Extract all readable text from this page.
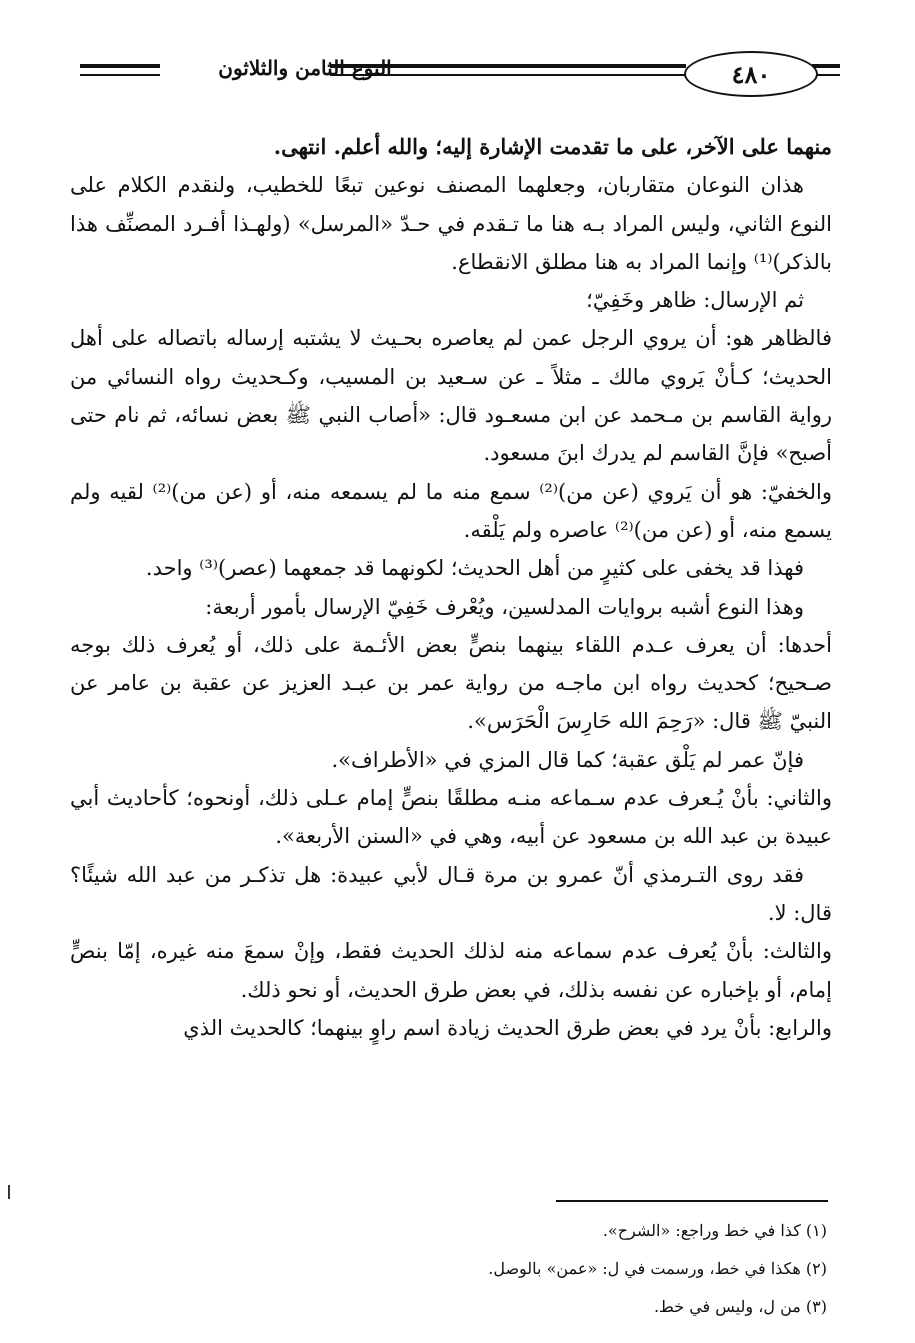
النوع الثامن والثلاثون	٤٨٠

منهما على الآخر، على ما تقدمت الإشارة إليه؛ والله أعلم. انتهى.

هذان النوعان متقاربان، وجعلهما المصنف نوعين تبعًا للخطيب، ولنقدم الكلام على النوع الثاني، وليس المراد بـه هنا ما تـقدم في حـدّ «المرسل» (ولهـذا أفـرد المصنِّف هذا بالذكر)⁽¹⁾ وإنما المراد به هنا مطلق الانقطاع.

ثم الإرسال: ظاهر وخَفِيّ؛

فالظاهر هو: أن يروي الرجل عمن لم يعاصره بحـيث لا يشتبه إرساله باتصاله على أهل الحديث؛ كـأنْ يَروي مالك ـ مثلاً ـ عن سـعيد بن المسيب، وكـحديث رواه النسائي من رواية القاسم بن مـحمد عن ابن مسعـود قال: «أصاب النبي ﷺ بعض نسائه، ثم نام حتى أصبح» فإنَّ القاسم لم يدرك ابنَ مسعود.

والخفيّ: هو أن يَروي (عن من)⁽²⁾ سمع منه ما لم يسمعه منه، أو (عن من)⁽²⁾ لقيه ولم يسمع منه، أو (عن من)⁽²⁾ عاصره ولم يَلْقه.

فهذا قد يخفى على كثيرٍ من أهل الحديث؛ لكونهما قد جمعهما (عصر)⁽³⁾ واحد.

وهذا النوع أشبه بروايات المدلسين، ويُعْرف خَفِيّ الإرسال بأمور أربعة:

أحدها: أن يعرف عـدم اللقاء بينهما بنصٍّ بعض الأئـمة على ذلك، أو يُعرف ذلك بوجه صـحيح؛ كحديث رواه ابن ماجـه من رواية عمر بن عبـد العزيز عن عقبة بن عامر عن النبيّ ﷺ قال: «رَحِمَ الله حَارِسَ الْحَرَس».

فإنّ عمر لم يَلْق عقبة؛ كما قال المزي في «الأطراف».

والثاني: بأنْ يُـعرف عدم سـماعه منـه مطلقًا بنصٍّ إمام عـلى ذلك، أونحوه؛ كأحاديث أبي عبيدة بن عبد الله بن مسعود عن أبيه، وهي في «السنن الأربعة».

فقد روى التـرمذي أنّ عمرو بن مرة قـال لأبي عبيدة: هل تذكـر من عبد الله شيئًا؟ قال: لا.

والثالث: بأنْ يُعرف عدم سماعه منه لذلك الحديث فقط، وإنْ سمعَ منه غيره، إمّا بنصٍّ إمام، أو بإخباره عن نفسه بذلك، في بعض طرق الحديث، أو نحو ذلك.

والرابع: بأنْ يرد في بعض طرق الحديث زيادة اسم راوٍ بينهما؛ كالحديث الذي

(١) كذا في خط وراجع: «الشرح».

(٢) هكذا في خط، ورسمت في ل: «عمن» بالوصل.

(٣) من ل، وليس في خط.
